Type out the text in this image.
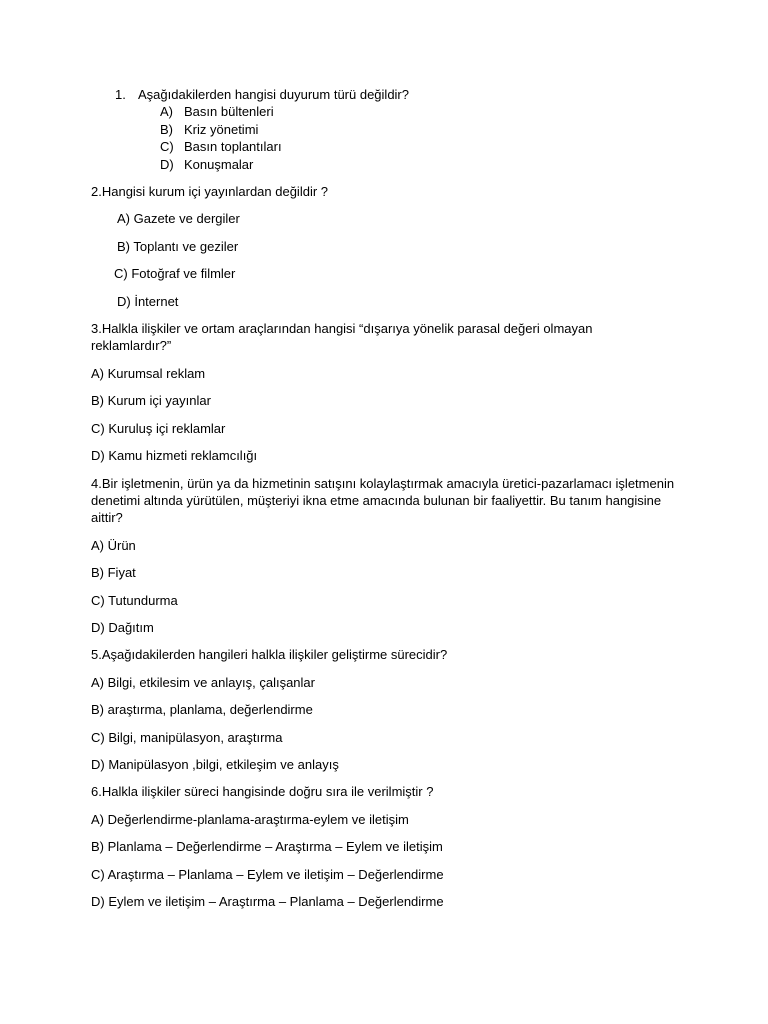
1. Aşağıdakilerden hangisi duyurum türü değildir?
A) Basın bültenleri
B) Kriz yönetimi
C) Basın toplantıları
D) Konuşmalar
2.Hangisi kurum içi yayınlardan değildir ?
A) Gazete ve dergiler
B) Toplantı ve geziler
C) Fotoğraf ve filmler
D) İnternet
3.Halkla ilişkiler ve ortam araçlarından hangisi “dışarıya yönelik parasal değeri olmayan
reklamlardır?”
A) Kurumsal reklam
B) Kurum içi yayınlar
C) Kuruluş içi reklamlar
D) Kamu hizmeti reklamcılığı
4.Bir işletmenin, ürün ya da hizmetinin satışını kolaylaştırmak amacıyla üretici-pazarlamacı işletmenin
denetimi altında yürütülen, müşteriyi ikna etme amacında bulunan bir faaliyettir. Bu tanım hangisine
aittir?
A) Ürün
B) Fiyat
C) Tutundurma
D) Dağıtım
5.Aşağıdakilerden hangileri halkla ilişkiler geliştirme sürecidir?
A) Bilgi, etkilesim ve anlayış, çalışanlar
B) araştırma, planlama, değerlendirme
C) Bilgi, manipülasyon, araştırma
D) Manipülasyon ,bilgi, etkileşim ve anlayış
6.Halkla ilişkiler süreci hangisinde doğru sıra ile verilmiştir ?
A) Değerlendirme-planlama-araştırma-eylem ve iletişim
B) Planlama – Değerlendirme – Araştırma – Eylem ve iletişim
C) Araştırma – Planlama – Eylem ve iletişim – Değerlendirme
D) Eylem ve iletişim – Araştırma – Planlama – Değerlendirme
